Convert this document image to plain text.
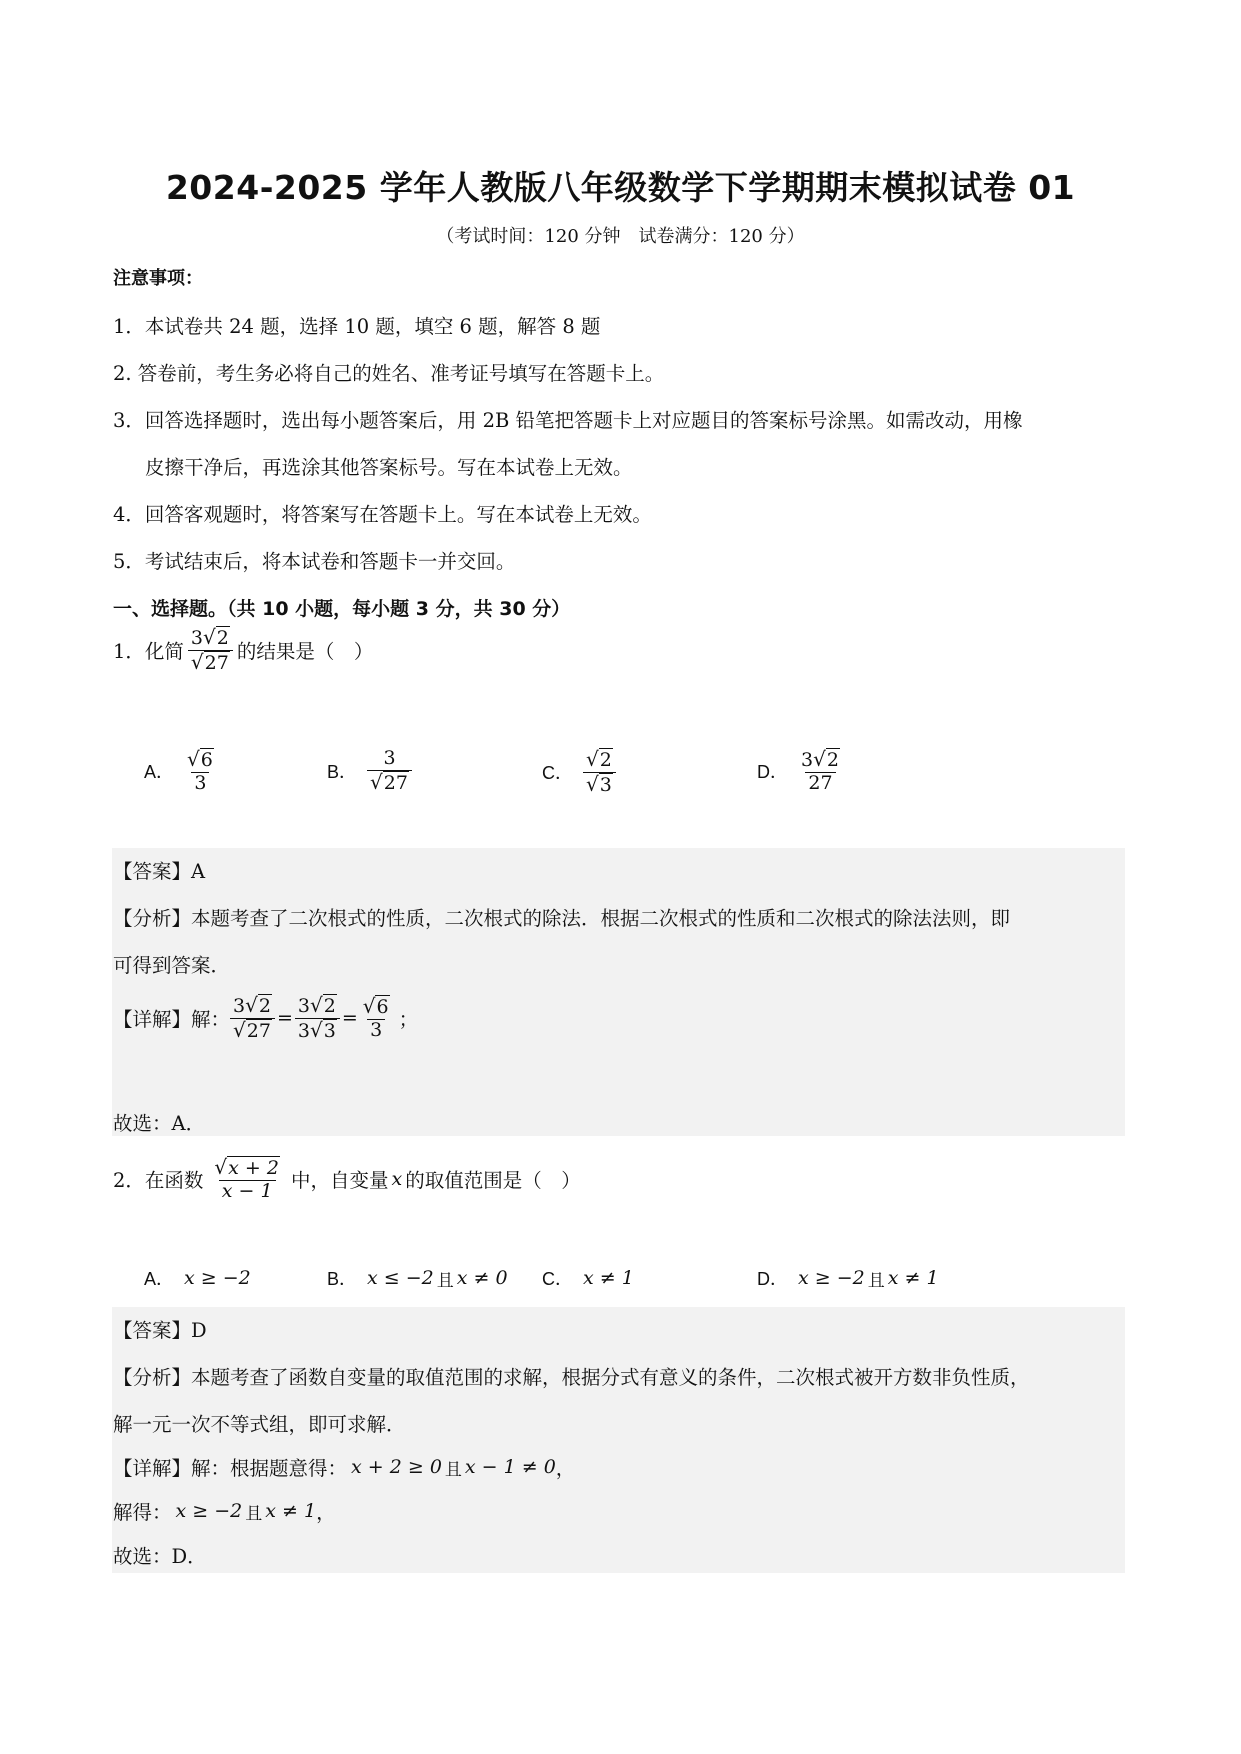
2024-2025 学年人教版八年级数学下学期期末模拟试卷 01
（考试时间：120 分钟　试卷满分：120 分）
注意事项：
1．本试卷共 24 题，选择 10 题，填空 6 题，解答 8 题
2. 答卷前，考生务必将自己的姓名、准考证号填写在答题卡上。
3．回答选择题时，选出每小题答案后，用 2B 铅笔把答题卡上对应题目的答案标号涂黑。如需改动，用橡
皮擦干净后，再选涂其他答案标号。写在本试卷上无效。
4．回答客观题时，将答案写在答题卡上。写在本试卷上无效。
5．考试结束后，将本试卷和答题卡一并交回。
一、选择题。（共 10 小题，每小题 3 分，共 30 分）
1．化简 $\frac{3√2}{√27}$ 的结果是（　）
A． $\frac{√6}{3}$	B． $\frac{3}{√27}$	C． $\frac{√2}{√3}$	D． $\frac{3√2}{27}$
【答案】A
【分析】本题考查了二次根式的性质，二次根式的除法．根据二次根式的性质和二次根式的除法法则，即
可得到答案．
【详解】解： $\frac{3√2}{√27} = \frac{3√2}{3√3} = \frac{√6}{3}$ ；
故选：A．
2．在函数 $\frac{√x + 2}{x - 1}$ 中，自变量 x 的取值范围是（　）
A． x ≥ −2	B． x ≤ −2 且 x ≠ 0 C． x ≠ 1	D． x ≥ −2 且 x ≠ 1
【答案】D
【分析】本题考查了函数自变量的取值范围的求解，根据分式有意义的条件，二次根式被开方数非负性质，
解一元一次不等式组，即可求解．
【详解】解：根据题意得： x + 2 ≥ 0 且 x − 1 ≠ 0 ，
解得： x ≥ −2 且 x ≠ 1 ，
故选：D．
